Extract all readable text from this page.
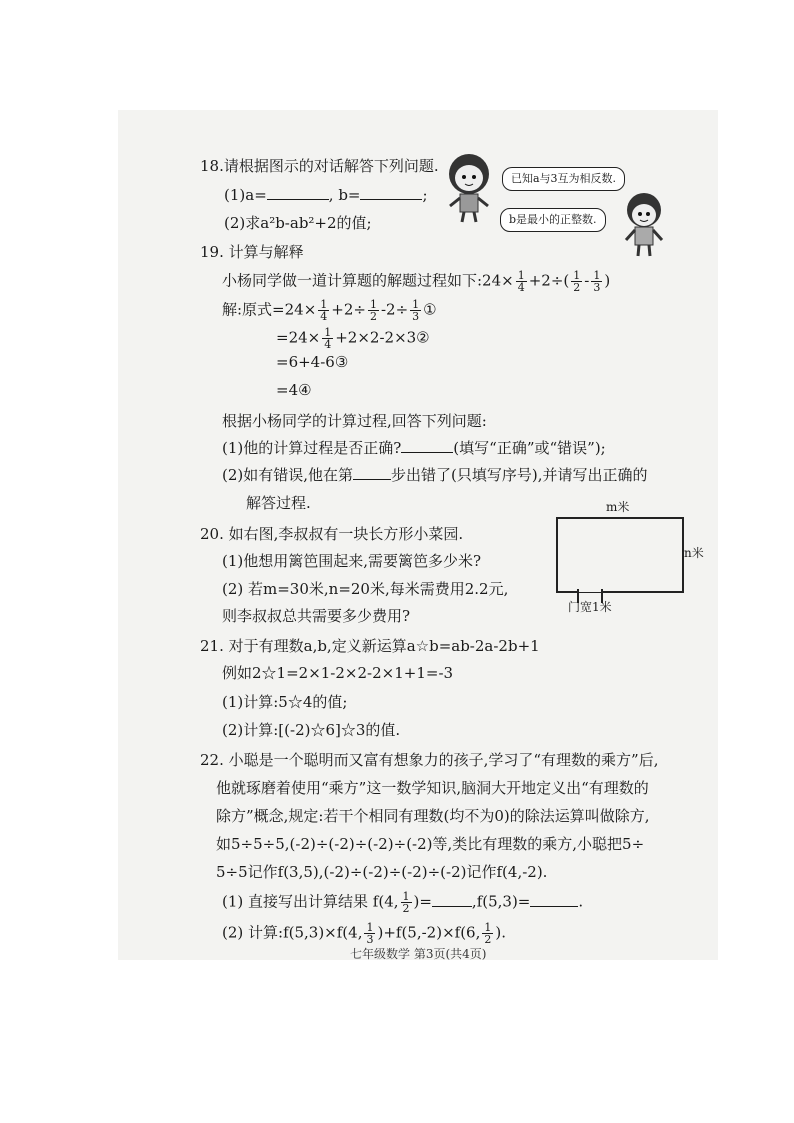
18.请根据图示的对话解答下列问题.
(1)a=	, b=	;
(2)求a²b-ab²+2的值;
已知a与3互为相反数.
b是最小的正整数.
19. 计算与解释
小杨同学做一道计算题的解题过程如下:24× $\frac{1}{4} +2\div( \frac{1}{2} - \frac{1}{3}$ )
解:原式$=24\times \frac{1}{4} +2\div \frac{1}{2} -2\div \frac{1}{3}$ ①
$=24\times \frac{1}{4}$ +2×2-2×3②
=6+4-6③
=4④
根据小杨同学的计算过程,回答下列问题:
(1)他的计算过程是否正确?	(填写“正确”或“错误”);
(2)如有错误,他在第	步出错了(只填写序号),并请写出正确的
解答过程.
20. 如右图,李叔叔有一块长方形小菜园.
(1)他想用篱笆围起来,需要篱笆多少米?
(2) 若m=30米,n=20米,每米需费用2.2元,
则李叔叔总共需要多少费用?
m米
n米
门宽1米
21. 对于有理数a,b,定义新运算a☆b=ab-2a-2b+1
例如2☆1=2×1-2×2-2×1+1=-3
(1)计算:5☆4的值;
(2)计算:[(-2)☆6]☆3的值.
22. 小聪是一个聪明而又富有想象力的孩子,学习了“有理数的乘方”后,
他就琢磨着使用“乘方”这一数学知识,脑洞大开地定义出“有理数的
除方”概念,规定:若干个相同有理数(均不为0)的除法运算叫做除方,
如5÷5÷5,(-2)÷(-2)÷(-2)÷(-2)等,类比有理数的乘方,小聪把5÷
5÷5记作f(3,5),(-2)÷(-2)÷(-2)÷(-2)记作f(4,-2).
(1) 直接写出计算结果 f(4, $\frac{1}{2}$ )=	,f(5,3)=	.
(2) 计算:f(5,3)×f(4, $\frac{1}{3} )+f(5,-2)\times f(6$, $\frac{1}{2}$ ).
七年级数学 第3页(共4页)
